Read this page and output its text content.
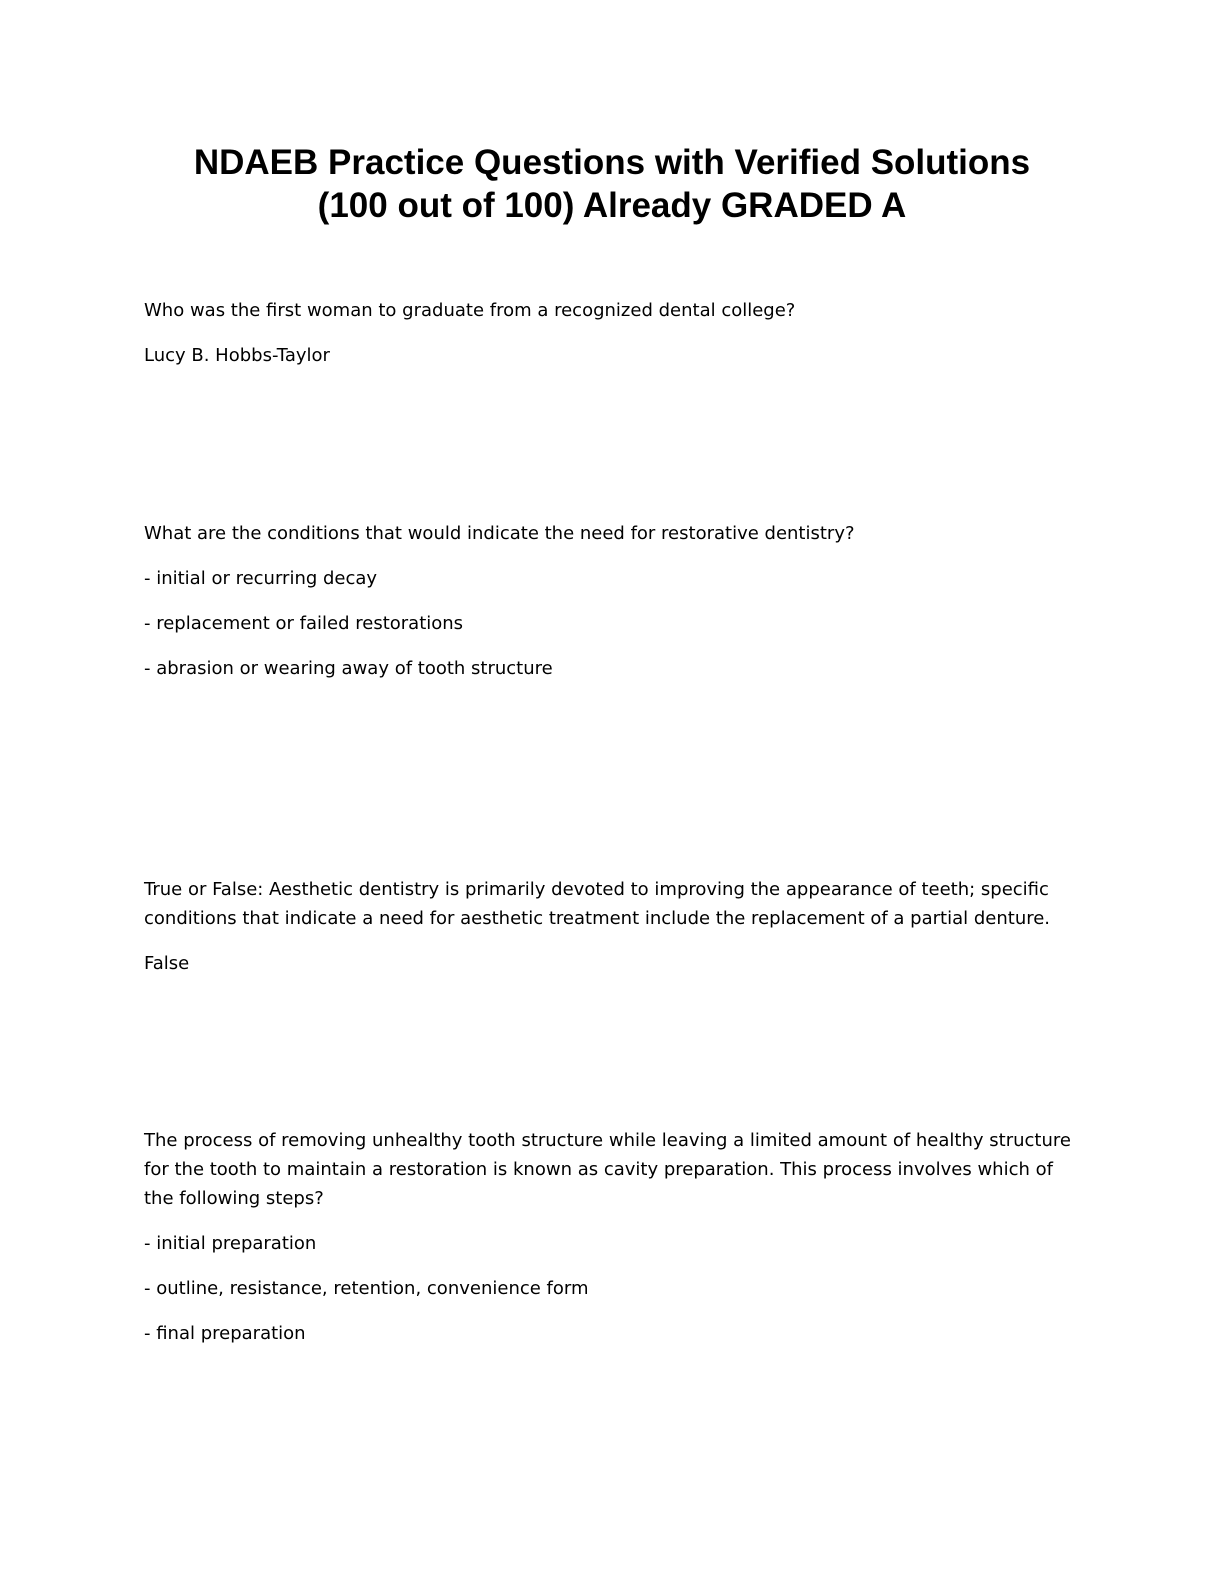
NDAEB Practice Questions with Verified Solutions
(100 out of 100) Already GRADED A

Who was the first woman to graduate from a recognized dental college?

Lucy B. Hobbs-Taylor

What are the conditions that would indicate the need for restorative dentistry?

- initial or recurring decay

- replacement or failed restorations

- abrasion or wearing away of tooth structure

True or False: Aesthetic dentistry is primarily devoted to improving the appearance of teeth; specific conditions that indicate a need for aesthetic treatment include the replacement of a partial denture.

False

The process of removing unhealthy tooth structure while leaving a limited amount of healthy structure for the tooth to maintain a restoration is known as cavity preparation. This process involves which of the following steps?

- initial preparation

- outline, resistance, retention, convenience form

- final preparation
